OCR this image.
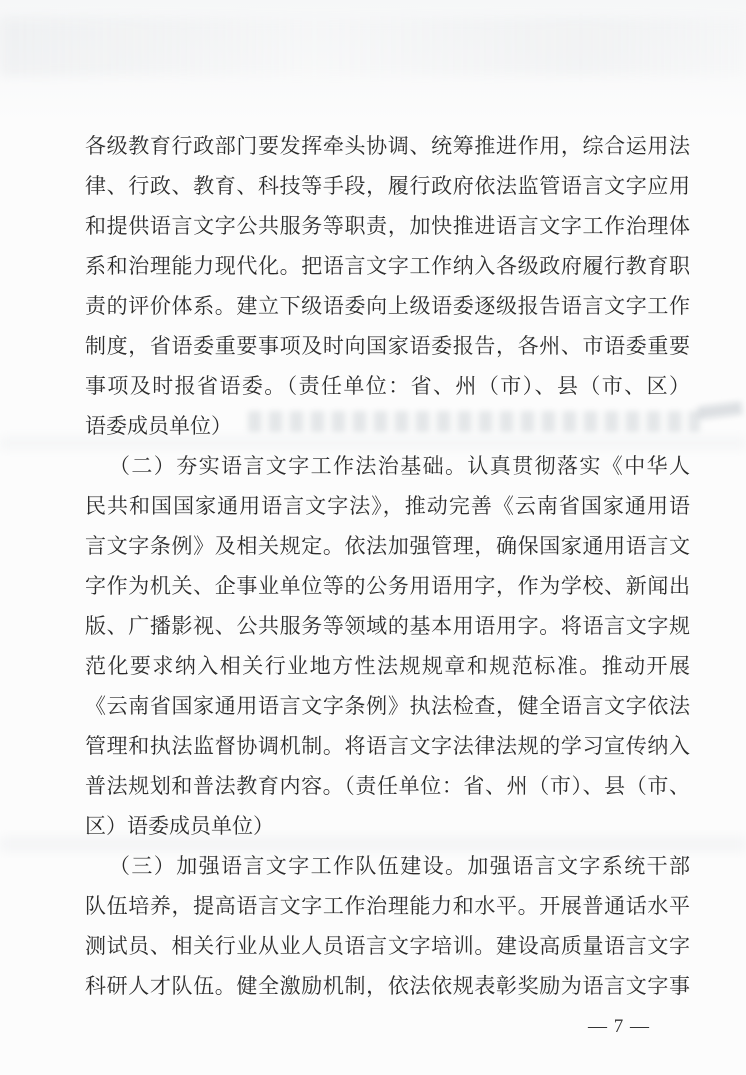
各级教育行政部门要发挥牵头协调、统筹推进作用，综合运用法
律、行政、教育、科技等手段，履行政府依法监管语言文字应用
和提供语言文字公共服务等职责，加快推进语言文字工作治理体
系和治理能力现代化。把语言文字工作纳入各级政府履行教育职
责的评价体系。建立下级语委向上级语委逐级报告语言文字工作
制度，省语委重要事项及时向国家语委报告，各州、市语委重要
事项及时报省语委。（责任单位：省、州（市）、县（市、区）
语委成员单位）
（二）夯实语言文字工作法治基础。认真贯彻落实《中华人
民共和国国家通用语言文字法》，推动完善《云南省国家通用语
言文字条例》及相关规定。依法加强管理，确保国家通用语言文
字作为机关、企事业单位等的公务用语用字，作为学校、新闻出
版、广播影视、公共服务等领域的基本用语用字。将语言文字规
范化要求纳入相关行业地方性法规规章和规范标准。推动开展
《云南省国家通用语言文字条例》执法检查，健全语言文字依法
管理和执法监督协调机制。将语言文字法律法规的学习宣传纳入
普法规划和普法教育内容。（责任单位：省、州（市）、县（市、
区）语委成员单位）
（三）加强语言文字工作队伍建设。加强语言文字系统干部
队伍培养，提高语言文字工作治理能力和水平。开展普通话水平
测试员、相关行业从业人员语言文字培训。建设高质量语言文字
科研人才队伍。健全激励机制，依法依规表彰奖励为语言文字事
— 7 —
